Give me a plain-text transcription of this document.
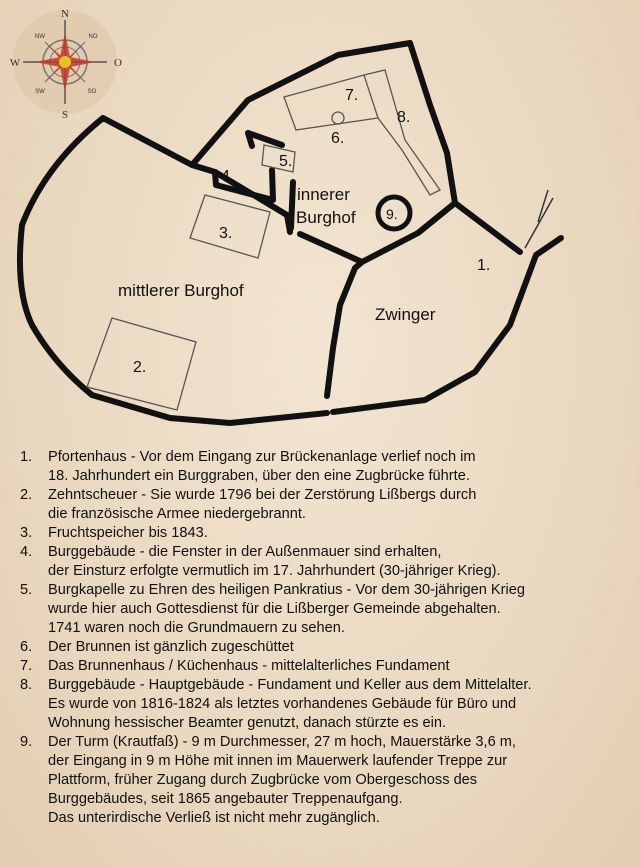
N
S
W	O
NW	NO
SW	SO
innerer
Burghof
mittlerer Burghof
Zwinger
1.
2.
3.
4.
5.
6.
7.
8.
9.
1. Pfortenhaus - Vor dem Eingang zur Brückenanlage verlief noch im
18. Jahrhundert ein Burggraben, über den eine Zugbrücke führte.
2. Zehntscheuer - Sie wurde 1796 bei der Zerstörung Lißbergs durch
die französische Armee niedergebrannt.
3. Fruchtspeicher bis 1843.
4. Burggebäude - die Fenster in der Außenmauer sind erhalten,
der Einsturz erfolgte vermutlich im 17. Jahrhundert (30-jähriger Krieg).
5. Burgkapelle zu Ehren des heiligen Pankratius - Vor dem 30-jährigen Krieg
wurde hier auch Gottesdienst für die Lißberger Gemeinde abgehalten.
1741 waren noch die Grundmauern zu sehen.
6. Der Brunnen ist gänzlich zugeschüttet
7. Das Brunnenhaus / Küchenhaus - mittelalterliches Fundament
8. Burggebäude - Hauptgebäude - Fundament und Keller aus dem Mittelalter.
Es wurde von 1816-1824 als letztes vorhandenes Gebäude für Büro und
Wohnung hessischer Beamter genutzt, danach stürzte es ein.
9. Der Turm (Krautfaß) - 9 m Durchmesser, 27 m hoch, Mauerstärke 3,6 m,
der Eingang in 9 m Höhe mit innen im Mauerwerk laufender Treppe zur
Plattform, früher Zugang durch Zugbrücke vom Obergeschoss des
Burggebäudes, seit 1865 angebauter Treppenaufgang.
Das unterirdische Verließ ist nicht mehr zugänglich.
